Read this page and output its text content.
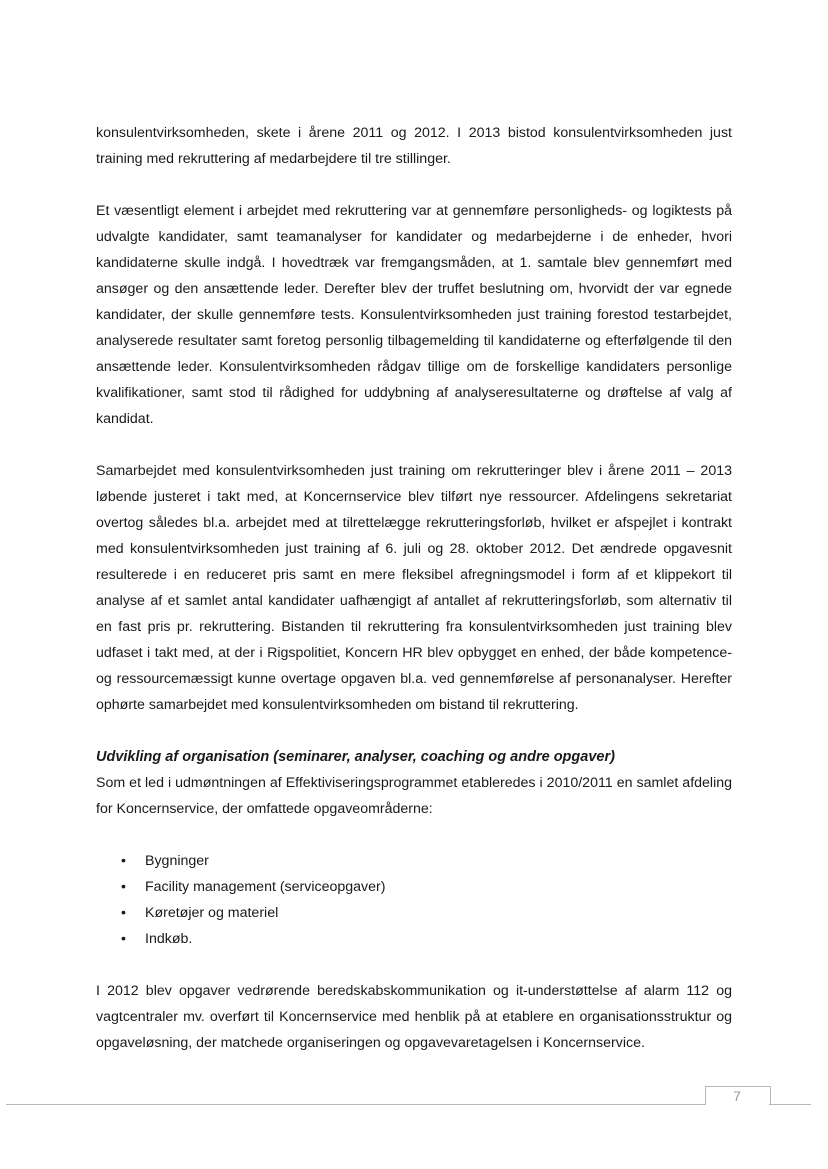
konsulentvirksomheden, skete i årene 2011 og 2012. I 2013 bistod konsulentvirksomheden just training med rekruttering af medarbejdere til tre stillinger.

Et væsentligt element i arbejdet med rekruttering var at gennemføre personligheds- og logiktests på udvalgte kandidater, samt teamanalyser for kandidater og medarbejderne i de enheder, hvori kandidaterne skulle indgå. I hovedtræk var fremgangsmåden, at 1. samtale blev gennemført med ansøger og den ansættende leder. Derefter blev der truffet beslutning om, hvorvidt der var egnede kandidater, der skulle gennemføre tests. Konsulentvirksomheden just training forestod testarbejdet, analyserede resultater samt foretog personlig tilbagemelding til kandidaterne og efterfølgende til den ansættende leder. Konsulentvirksomheden rådgav tillige om de forskellige kandidaters personlige kvalifikationer, samt stod til rådighed for uddybning af analyseresultaterne og drøftelse af valg af kandidat.

Samarbejdet med konsulentvirksomheden just training om rekrutteringer blev i årene 2011 – 2013 løbende justeret i takt med, at Koncernservice blev tilført nye ressourcer. Afdelingens sekretariat overtog således bl.a. arbejdet med at tilrettelægge rekrutteringsforløb, hvilket er afspejlet i kontrakt med konsulentvirksomheden just training af 6. juli og 28. oktober 2012. Det ændrede opgavesnit resulterede i en reduceret pris samt en mere fleksibel afregningsmodel i form af et klippekort til analyse af et samlet antal kandidater uafhængigt af antallet af rekrutteringsforløb, som alternativ til en fast pris pr. rekruttering. Bistanden til rekruttering fra konsulentvirksomheden just training blev udfaset i takt med, at der i Rigspolitiet, Koncern HR blev opbygget en enhed, der både kompetence- og ressourcemæssigt kunne overtage opgaven bl.a. ved gennemførelse af personanalyser. Herefter ophørte samarbejdet med konsulentvirksomheden om bistand til rekruttering.

Udvikling af organisation (seminarer, analyser, coaching og andre opgaver)

Som et led i udmøntningen af Effektiviseringsprogrammet etableredes i 2010/2011 en samlet afdeling for Koncernservice, der omfattede opgaveområderne:

• Bygninger
• Facility management (serviceopgaver)
• Køretøjer og materiel
• Indkøb.

I 2012 blev opgaver vedrørende beredskabskommunikation og it-understøttelse af alarm 112 og vagtcentraler mv. overført til Koncernservice med henblik på at etablere en organisationsstruktur og opgaveløsning, der matchede organiseringen og opgavevaretagelsen i Koncernservice.

7
